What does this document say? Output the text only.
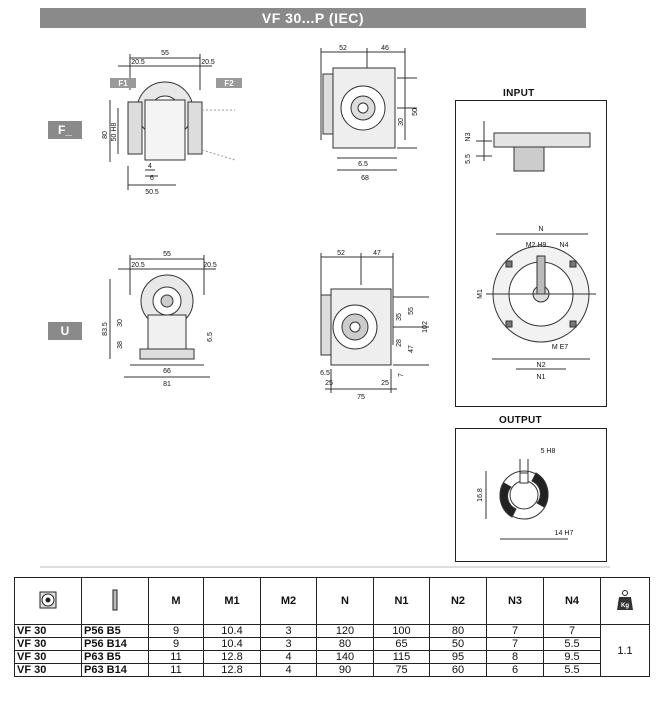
VF 30...P (IEC)
F_
U
F1	F2
55
20.5	20.5
80 50 H8
4
6
50.5
52	46
30
50
6.5
68
55
20.5	20.5
83.5 30
38
6.5
66
81
52	47
35
55
102
28
47
7
6.5
25	25
75
INPUT
N3
5.5
N
M2 H9 N4
M1
M E7
N2
N1
OUTPUT
5 H8
16.8
14 H7
		M	M1	M2	N	N1	N2	N3	N4	Kg

VF 30	P56 B5	9	10.4	3	120	100	80	7	7	1.1
VF 30	P56 B14	9	10.4	3	80	65	50	7	5.5	
VF 30	P63 B5	11	12.8	4	140	115	95	8	9.5	
VF 30	P63 B14	11	12.8	4	90	75	60	6	5.5	
